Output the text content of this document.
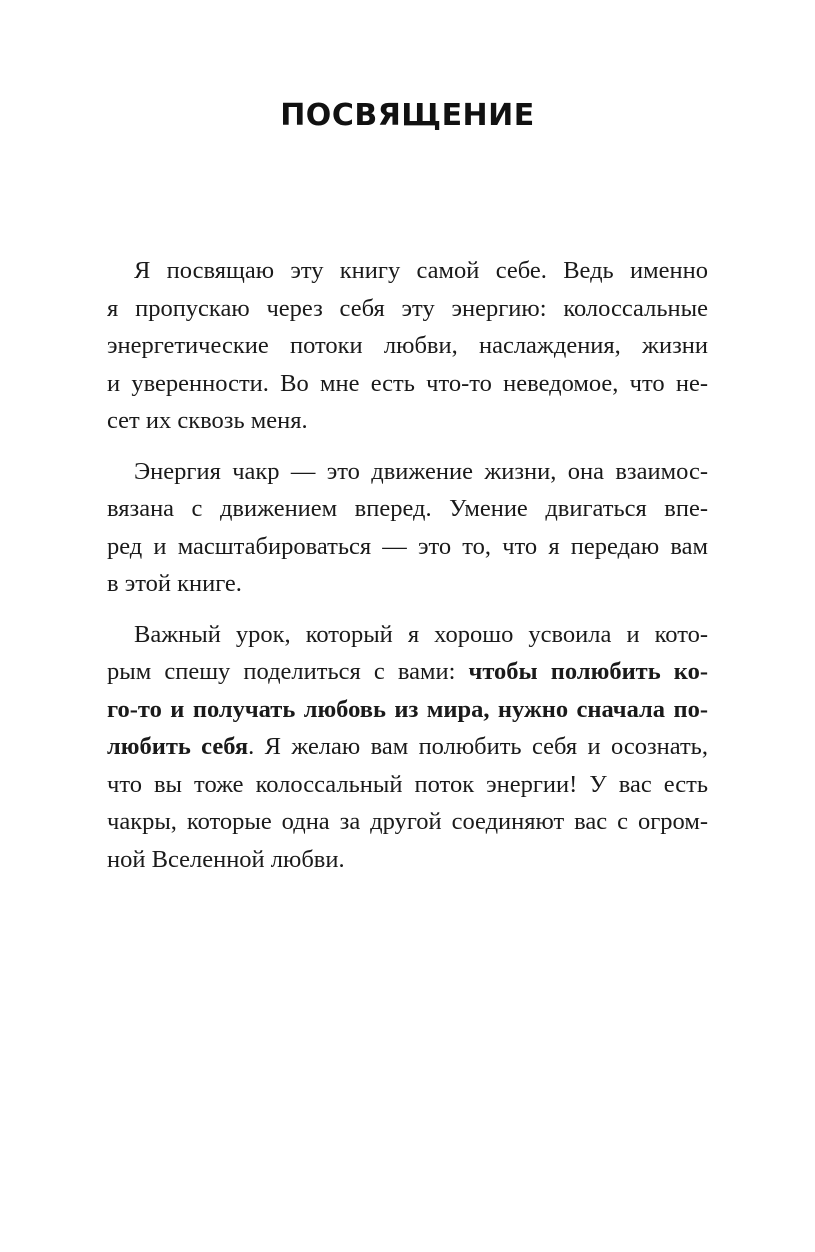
ПОСВЯЩЕНИЕ
Я посвящаю эту книгу самой себе. Ведь именно
я пропускаю через себя эту энергию: колоссальные
энергетические потоки любви, наслаждения, жизни
и уверенности. Во мне есть что-то неведомое, что не-
сет их сквозь меня.
Энергия чакр — это движение жизни, она взаимос-
вязана с движением вперед. Умение двигаться впе-
ред и масштабироваться — это то, что я передаю вам
в этой книге.
Важный урок, который я хорошо усвоила и кото-
рым спешу поделиться с вами: чтобы полюбить ко-
го-то и получать любовь из мира, нужно сначала по-
любить себя. Я желаю вам полюбить себя и осознать,
что вы тоже колоссальный поток энергии! У вас есть
чакры, которые одна за другой соединяют вас с огром-
ной Вселенной любви.
